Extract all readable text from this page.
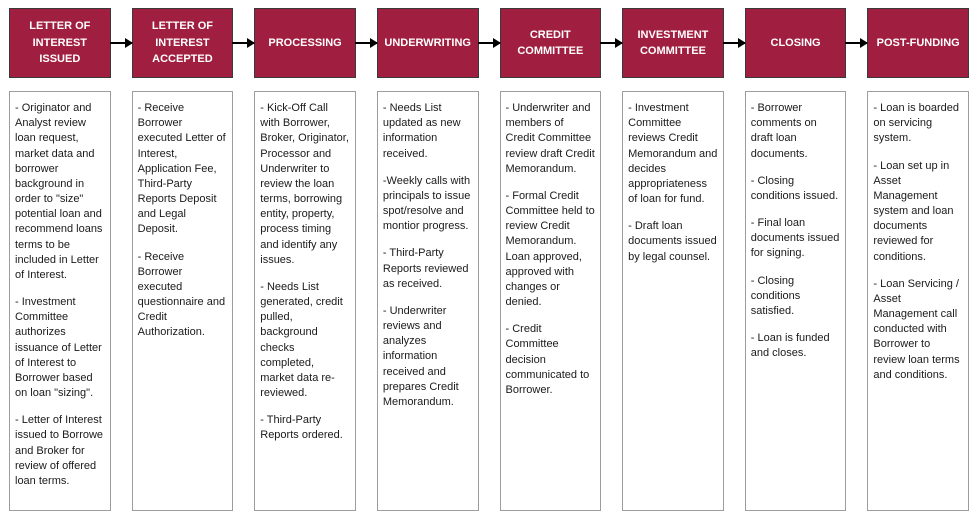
LETTER OF INTEREST ISSUED

- Originator and Analyst review loan request, market data and borrower background in order to "size" potential loan and recommend loans terms to be included in Letter of Interest.

- Investment Committee authorizes issuance of Letter of Interest to Borrower based on loan "sizing".

- Letter of Interest issued to Borrowe and Broker for review of offered loan terms.

LETTER OF INTEREST ACCEPTED

- Receive Borrower executed Letter of Interest, Application Fee, Third-Party Reports Deposit and Legal Deposit.

- Receive Borrower executed questionnaire and Credit Authorization.

PROCESSING

- Kick-Off Call with Borrower, Broker, Originator, Processor and Underwriter to review the loan terms, borrowing entity, property, process timing and identify any issues.

- Needs List generated, credit pulled, background checks completed, market data re-reviewed.

- Third-Party Reports ordered.

UNDERWRITING

- Needs List updated as new information received.

-Weekly calls with principals to issue spot/resolve and montior progress.

- Third-Party Reports reviewed as received.

- Underwriter reviews and analyzes information received and prepares Credit Memorandum.

CREDIT COMMITTEE

- Underwriter and members of Credit Committee review draft Credit Memorandum.

- Formal Credit Committee held to review Credit Memorandum. Loan approved, approved with changes or denied.

- Credit Committee decision communicated to Borrower.

INVESTMENT COMMITTEE

- Investment Committee reviews Credit Memorandum and decides appropriateness of loan for fund.

- Draft loan documents issued by legal counsel.

CLOSING

- Borrower comments on draft loan documents.

- Closing conditions issued.

- Final loan documents issued for signing.

- Closing conditions satisfied.

- Loan is funded and closes.

POST-FUNDING

- Loan is boarded on servicing system.

- Loan set up in Asset Management system and loan documents reviewed for conditions.

- Loan Servicing / Asset Management call conducted with Borrower to review loan terms and conditions.
